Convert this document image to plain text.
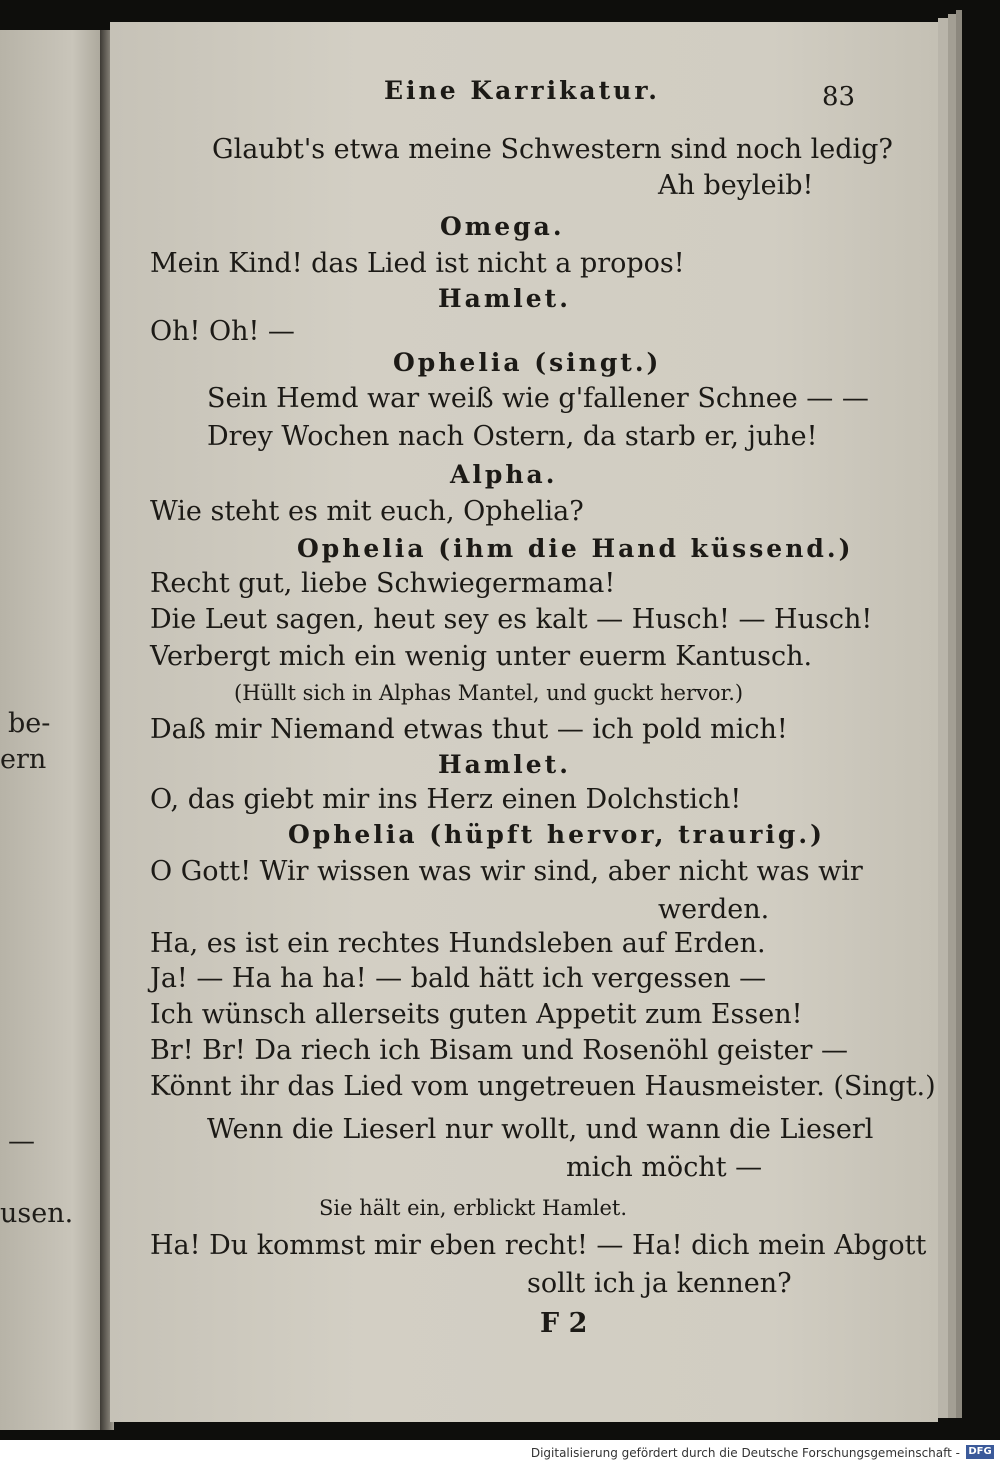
be-
ern
—
usen.
Eine Karrikatur.	83
Glaubt's etwa meine Schwestern sind noch ledig?
Ah beyleib!
Omega.
Mein Kind! das Lied ist nicht a propos!
Hamlet.
Oh! Oh! —
Ophelia (singt.)
Sein Hemd war weiß wie g'fallener Schnee — —
Drey Wochen nach Ostern, da starb er, juhe!
Alpha.
Wie steht es mit euch, Ophelia?
Ophelia (ihm die Hand küssend.)
Recht gut, liebe Schwiegermama!
Die Leut sagen, heut sey es kalt — Husch! — Husch!
Verbergt mich ein wenig unter euerm Kantusch.
(Hüllt sich in Alphas Mantel, und guckt hervor.)
Daß mir Niemand etwas thut — ich pold mich!
Hamlet.
O, das giebt mir ins Herz einen Dolchstich!
Ophelia (hüpft hervor, traurig.)
O Gott! Wir wissen was wir sind, aber nicht was wir
werden.
Ha, es ist ein rechtes Hundsleben auf Erden.
Ja! — Ha ha ha! — bald hätt ich vergessen —
Ich wünsch allerseits guten Appetit zum Essen!
Br! Br! Da riech ich Bisam und Rosenöhl geister —
Könnt ihr das Lied vom ungetreuen Hausmeister. (Singt.)
Wenn die Lieserl nur wollt, und wann die Lieserl
mich möcht —
Sie hält ein, erblickt Hamlet.
Ha! Du kommst mir eben recht! — Ha! dich mein Abgott
sollt ich ja kennen?
F 2
Digitalisierung gefördert durch die Deutsche Forschungsgemeinschaft - DFG
